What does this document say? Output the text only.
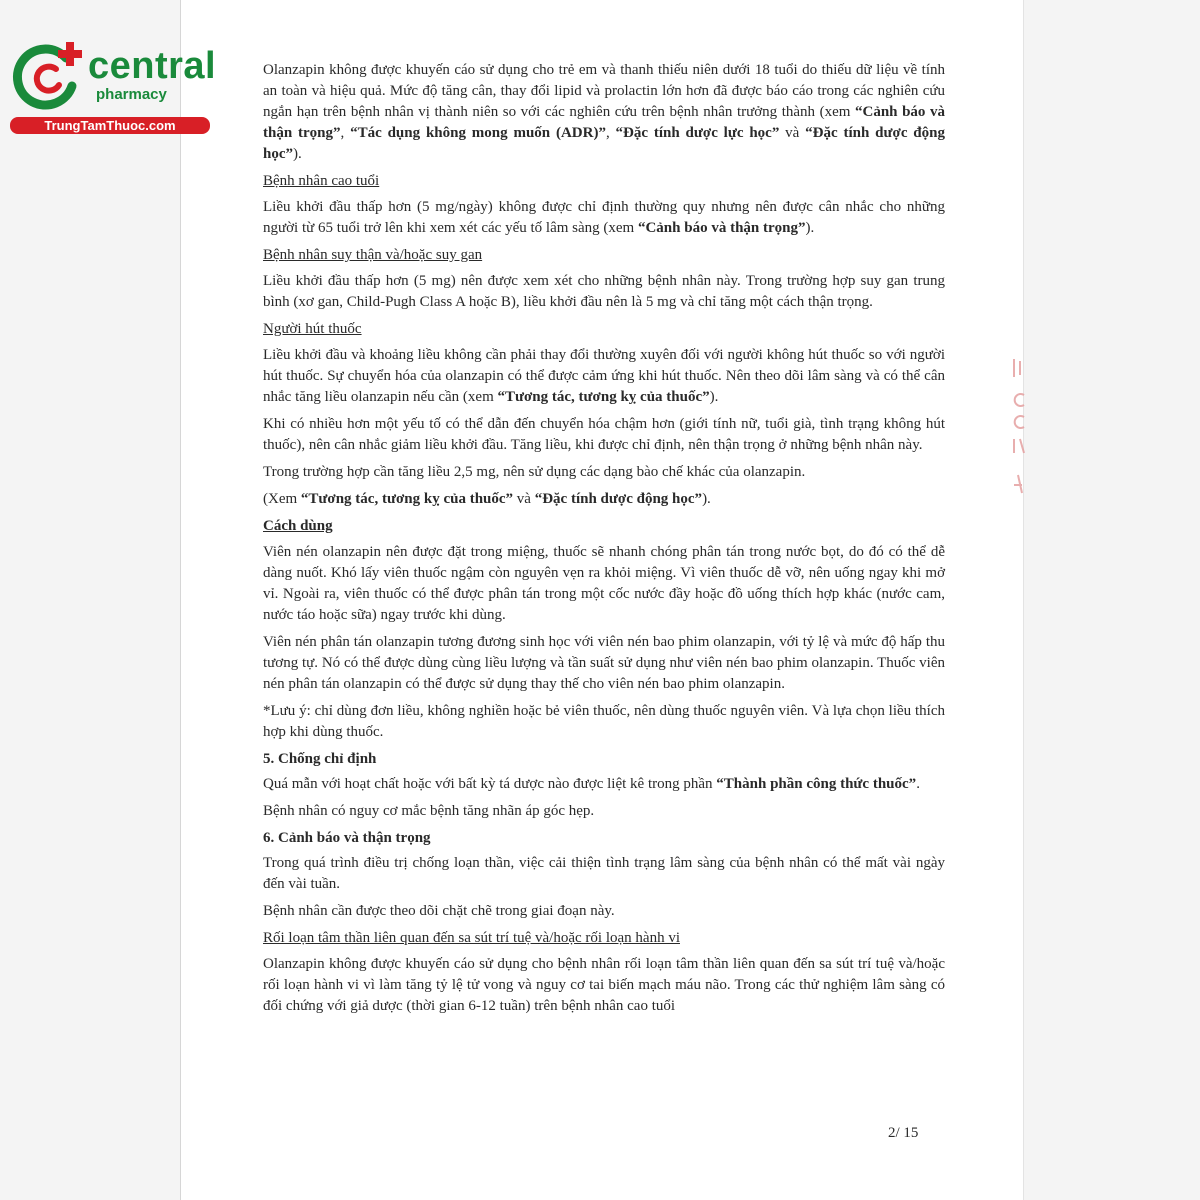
central
pharmacy
TrungTamThuoc.com

Olanzapin không được khuyến cáo sử dụng cho trẻ em và thanh thiếu niên dưới 18 tuổi do thiếu dữ liệu về tính an toàn và hiệu quả. Mức độ tăng cân, thay đổi lipid và prolactin lớn hơn đã được báo cáo trong các nghiên cứu ngắn hạn trên bệnh nhân vị thành niên so với các nghiên cứu trên bệnh nhân trưởng thành (xem “Cảnh báo và thận trọng”, “Tác dụng không mong muốn (ADR)”, “Đặc tính dược lực học” và “Đặc tính dược động học”).

Bệnh nhân cao tuổi

Liều khởi đầu thấp hơn (5 mg/ngày) không được chỉ định thường quy nhưng nên được cân nhắc cho những người từ 65 tuổi trở lên khi xem xét các yếu tố lâm sàng (xem “Cảnh báo và thận trọng”).

Bệnh nhân suy thận và/hoặc suy gan

Liều khởi đầu thấp hơn (5 mg) nên được xem xét cho những bệnh nhân này. Trong trường hợp suy gan trung bình (xơ gan, Child-Pugh Class A hoặc B), liều khởi đầu nên là 5 mg và chỉ tăng một cách thận trọng.

Người hút thuốc

Liều khởi đầu và khoảng liều không cần phải thay đổi thường xuyên đối với người không hút thuốc so với người hút thuốc. Sự chuyển hóa của olanzapin có thể được cảm ứng khi hút thuốc. Nên theo dõi lâm sàng và có thể cân nhắc tăng liều olanzapin nếu cần (xem “Tương tác, tương kỵ của thuốc”).

Khi có nhiều hơn một yếu tố có thể dẫn đến chuyển hóa chậm hơn (giới tính nữ, tuổi già, tình trạng không hút thuốc), nên cân nhắc giảm liều khởi đầu. Tăng liều, khi được chỉ định, nên thận trọng ở những bệnh nhân này.

Trong trường hợp cần tăng liều 2,5 mg, nên sử dụng các dạng bào chế khác của olanzapin.

(Xem “Tương tác, tương kỵ của thuốc” và “Đặc tính dược động học”).

Cách dùng

Viên nén olanzapin nên được đặt trong miệng, thuốc sẽ nhanh chóng phân tán trong nước bọt, do đó có thể dễ dàng nuốt. Khó lấy viên thuốc ngậm còn nguyên vẹn ra khỏi miệng. Vì viên thuốc dễ vỡ, nên uống ngay khi mở vỉ. Ngoài ra, viên thuốc có thể được phân tán trong một cốc nước đầy hoặc đồ uống thích hợp khác (nước cam, nước táo hoặc sữa) ngay trước khi dùng.

Viên nén phân tán olanzapin tương đương sinh học với viên nén bao phim olanzapin, với tỷ lệ và mức độ hấp thu tương tự. Nó có thể được dùng cùng liều lượng và tần suất sử dụng như viên nén bao phim olanzapin. Thuốc viên nén phân tán olanzapin có thể được sử dụng thay thế cho viên nén bao phim olanzapin.

*Lưu ý: chỉ dùng đơn liều, không nghiền hoặc bẻ viên thuốc, nên dùng thuốc nguyên viên. Và lựa chọn liều thích hợp khi dùng thuốc.

5. Chống chỉ định

Quá mẫn với hoạt chất hoặc với bất kỳ tá dược nào được liệt kê trong phần “Thành phần công thức thuốc”.

Bệnh nhân có nguy cơ mắc bệnh tăng nhãn áp góc hẹp.

6. Cảnh báo và thận trọng

Trong quá trình điều trị chống loạn thần, việc cải thiện tình trạng lâm sàng của bệnh nhân có thể mất vài ngày đến vài tuần.

Bệnh nhân cần được theo dõi chặt chẽ trong giai đoạn này.

Rối loạn tâm thần liên quan đến sa sút trí tuệ và/hoặc rối loạn hành vi

Olanzapin không được khuyến cáo sử dụng cho bệnh nhân rối loạn tâm thần liên quan đến sa sút trí tuệ và/hoặc rối loạn hành vi vì làm tăng tỷ lệ tử vong và nguy cơ tai biến mạch máu não. Trong các thử nghiệm lâm sàng có đối chứng với giả dược (thời gian 6-12 tuần) trên bệnh nhân cao tuổi

2/ 15
